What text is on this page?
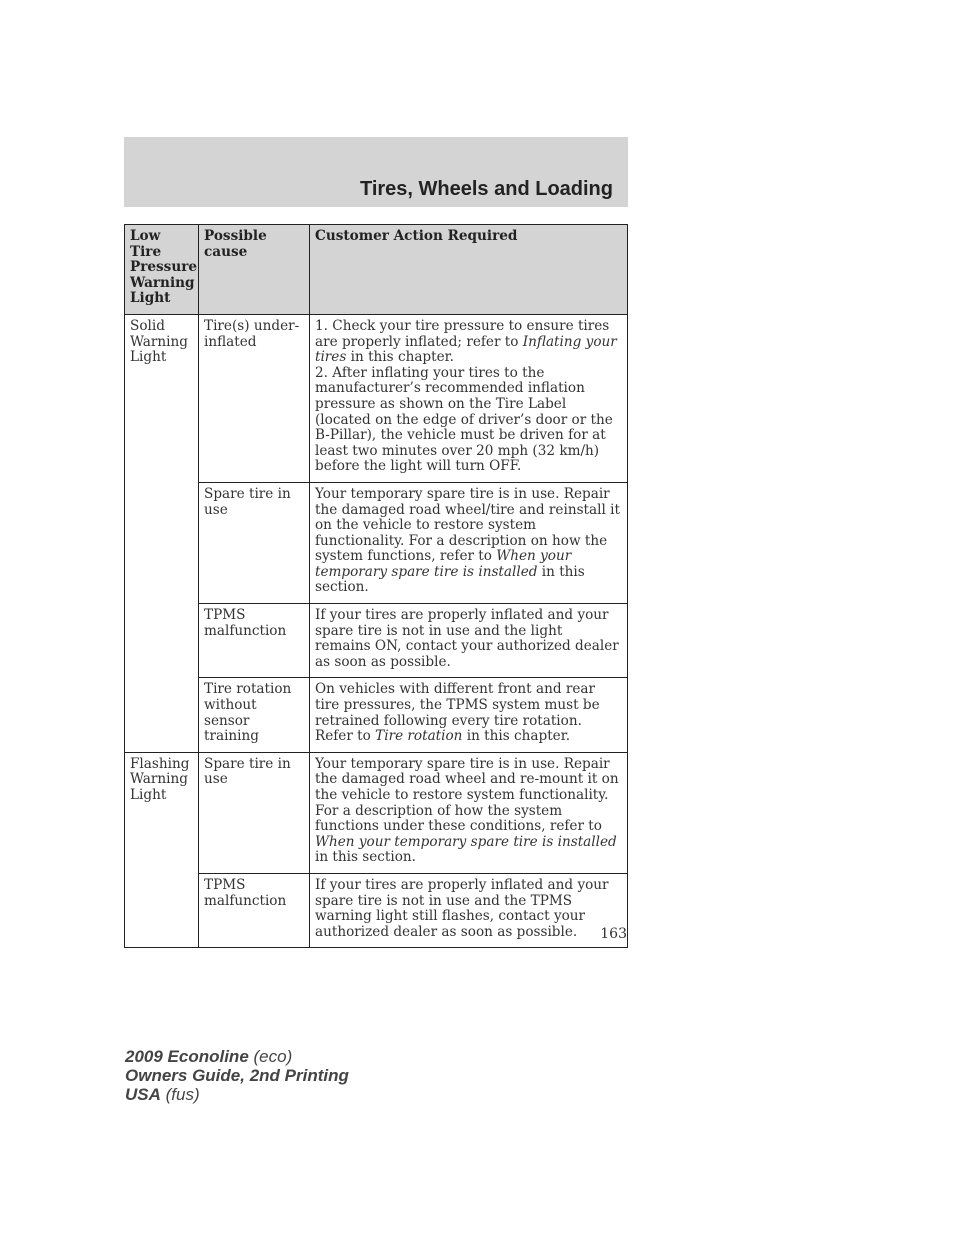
Tires, Wheels and Loading
Low Tire Pressure Warning Light	Possible cause	Customer Action Required
Solid Warning Light	Tire(s) under-inflated	1. Check your tire pressure to ensure tires are properly inflated; refer to Inflating your tires in this chapter.
2. After inflating your tires to the manufacturer’s recommended inflation pressure as shown on the Tire Label (located on the edge of driver’s door or the B-Pillar), the vehicle must be driven for at least two minutes over 20 mph (32 km/h) before the light will turn OFF.
	Spare tire in use	Your temporary spare tire is in use. Repair the damaged road wheel/tire and reinstall it on the vehicle to restore system functionality. For a description on how the system functions, refer to When your temporary spare tire is installed in this section.
	TPMS malfunction	If your tires are properly inflated and your spare tire is not in use and the light remains ON, contact your authorized dealer as soon as possible.
	Tire rotation without sensor training	On vehicles with different front and rear tire pressures, the TPMS system must be retrained following every tire rotation. Refer to Tire rotation in this chapter.
Flashing Warning Light	Spare tire in use	Your temporary spare tire is in use. Repair the damaged road wheel and re-mount it on the vehicle to restore system functionality. For a description of how the system functions under these conditions, refer to When your temporary spare tire is installed in this section.
	TPMS malfunction	If your tires are properly inflated and your spare tire is not in use and the TPMS warning light still flashes, contact your authorized dealer as soon as possible. 163
2009 Econoline (eco)
Owners Guide, 2nd Printing
USA (fus)
